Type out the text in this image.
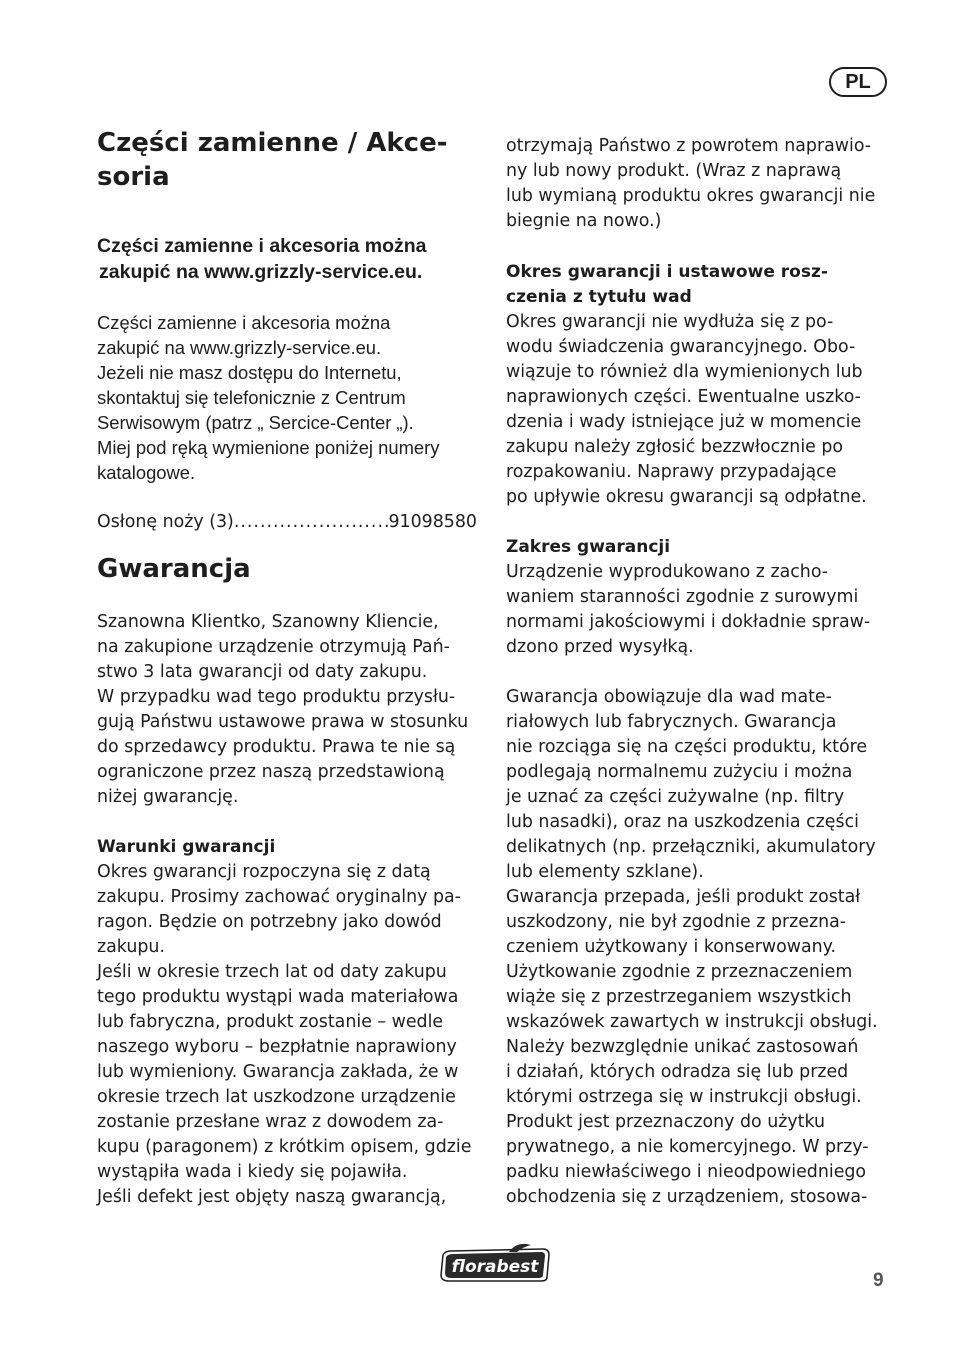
PL
Części zamienne / Akce-
soria
Części zamienne i akcesoria można
zakupić na www.grizzly-service.eu.
Części zamienne i akcesoria można
zakupić na www.grizzly-service.eu.
Jeżeli nie masz dostępu do Internetu,
skontaktuj się telefonicznie z Centrum
Serwisowym (patrz „ Sercice-Center „).
Miej pod ręką wymienione poniżej numery
katalogowe.
Osłonę noży (3)
.....	91098580
Gwarancja
Szanowna Klientko, Szanowny Kliencie,
na zakupione urządzenie otrzymują Pań-
stwo 3 lata gwarancji od daty zakupu.
W przypadku wad tego produktu przysłu-
gują Państwu ustawowe prawa w stosunku
do sprzedawcy produktu. Prawa te nie są
ograniczone przez naszą przedstawioną
niżej gwarancję.
Warunki gwarancji
Okres gwarancji rozpoczyna się z datą
zakupu. Prosimy zachować oryginalny pa-
ragon. Będzie on potrzebny jako dowód
zakupu.
Jeśli w okresie trzech lat od daty zakupu
tego produktu wystąpi wada materiałowa
lub fabryczna, produkt zostanie – wedle
naszego wyboru – bezpłatnie naprawiony
lub wymieniony. Gwarancja zakłada, że w
okresie trzech lat uszkodzone urządzenie
zostanie przesłane wraz z dowodem za-
kupu (paragonem) z krótkim opisem, gdzie
wystąpiła wada i kiedy się pojawiła.
Jeśli defekt jest objęty naszą gwarancją,
otrzymają Państwo z powrotem naprawio-
ny lub nowy produkt. (Wraz z naprawą
lub wymianą produktu okres gwarancji nie
biegnie na nowo.)
Okres gwarancji i ustawowe rosz-
czenia z tytułu wad
Okres gwarancji nie wydłuża się z po-
wodu świadczenia gwarancyjnego. Obo-
wiązuje to również dla wymienionych lub
naprawionych części. Ewentualne uszko-
dzenia i wady istniejące już w momencie
zakupu należy zgłosić bezzwłocznie po
rozpakowaniu. Naprawy przypadające
po upływie okresu gwarancji są odpłatne.
Zakres gwarancji
Urządzenie wyprodukowano z zacho-
waniem staranności zgodnie z surowymi
normami jakościowymi i dokładnie spraw-
dzono przed wysyłką.
Gwarancja obowiązuje dla wad mate-
riałowych lub fabrycznych. Gwarancja
nie rozciąga się na części produktu, które
podlegają normalnemu zużyciu i można
je uznać za części zużywalne (np. filtry
lub nasadki), oraz na uszkodzenia części
delikatnych (np. przełączniki, akumulatory
lub elementy szklane).
Gwarancja przepada, jeśli produkt został
uszkodzony, nie był zgodnie z przezna-
czeniem użytkowany i konserwowany.
Użytkowanie zgodnie z przeznaczeniem
wiąże się z przestrzeganiem wszystkich
wskazówek zawartych w instrukcji obsługi.
Należy bezwzględnie unikać zastosowań
i działań, których odradza się lub przed
którymi ostrzega się w instrukcji obsługi.
Produkt jest przeznaczony do użytku
prywatnego, a nie komercyjnego. W przy-
padku niewłaściwego i nieodpowiedniego
obchodzenia się z urządzeniem, stosowa-
florabest
9
